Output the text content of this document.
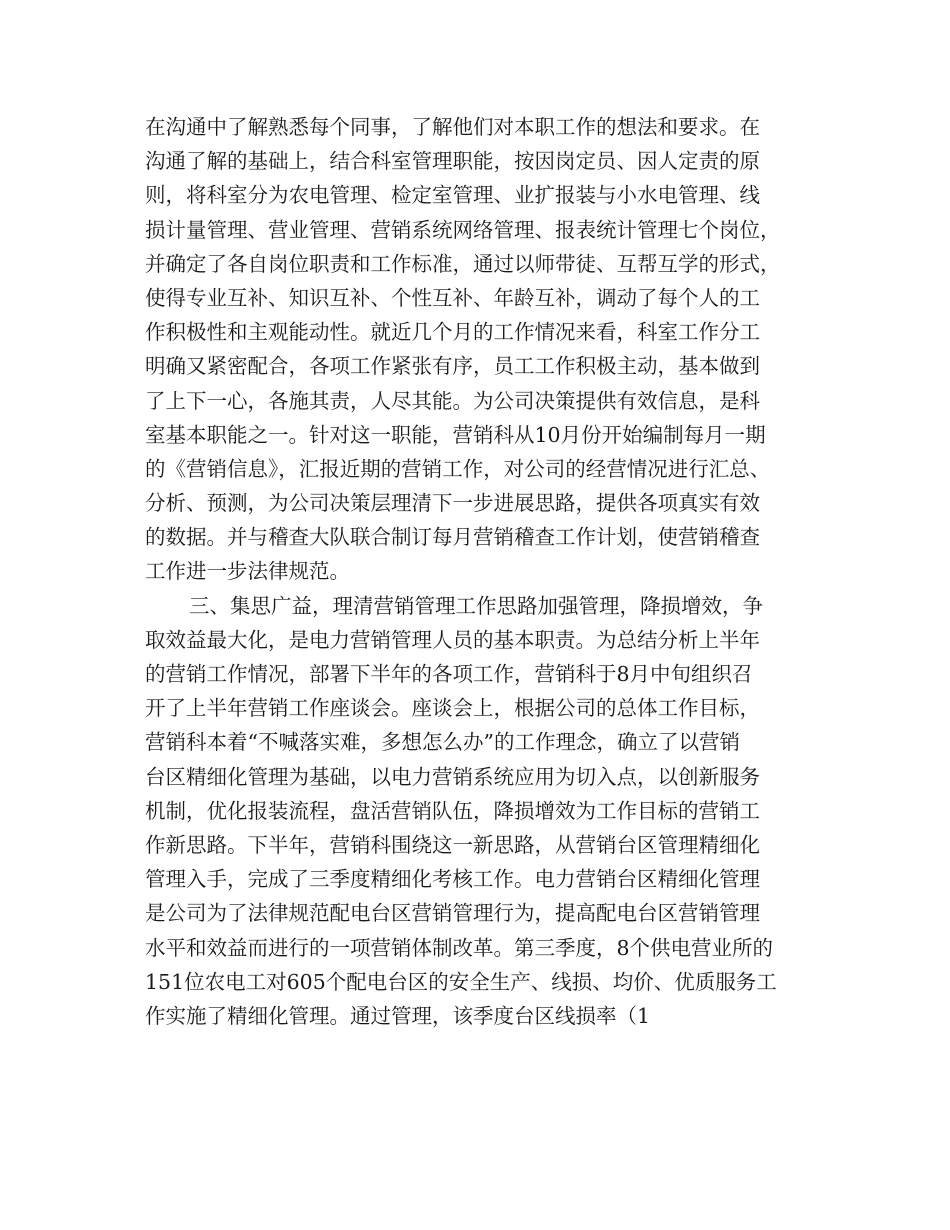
在沟通中了解熟悉每个同事，了解他们对本职工作的想法和要求。在
沟通了解的基础上，结合科室管理职能，按因岗定员、因人定责的原
则，将科室分为农电管理、检定室管理、业扩报装与小水电管理、线
损计量管理、营业管理、营销系统网络管理、报表统计管理七个岗位，
并确定了各自岗位职责和工作标准，通过以师带徒、互帮互学的形式，
使得专业互补、知识互补、个性互补、年龄互补，调动了每个人的工
作积极性和主观能动性。就近几个月的工作情况来看，科室工作分工
明确又紧密配合，各项工作紧张有序，员工工作积极主动，基本做到
了上下一心，各施其责，人尽其能。为公司决策提供有效信息，是科
室基本职能之一。针对这一职能，营销科从10月份开始编制每月一期
的《营销信息》，汇报近期的营销工作，对公司的经营情况进行汇总、
分析、预测，为公司决策层理清下一步进展思路，提供各项真实有效
的数据。并与稽查大队联合制订每月营销稽查工作计划，使营销稽查
工作进一步法律规范。
三、集思广益，理清营销管理工作思路加强管理，降损增效，争
取效益最大化，是电力营销管理人员的基本职责。为总结分析上半年
的营销工作情况，部署下半年的各项工作，营销科于8月中旬组织召
开了上半年营销工作座谈会。座谈会上，根据公司的总体工作目标，
营销科本着“不喊落实难，多想怎么办”的工作理念，确立了以营销
台区精细化管理为基础，以电力营销系统应用为切入点，以创新服务
机制，优化报装流程，盘活营销队伍，降损增效为工作目标的营销工
作新思路。下半年，营销科围绕这一新思路，从营销台区管理精细化
管理入手，完成了三季度精细化考核工作。电力营销台区精细化管理
是公司为了法律规范配电台区营销管理行为，提高配电台区营销管理
水平和效益而进行的一项营销体制改革。第三季度，8个供电营业所的
151位农电工对605个配电台区的安全生产、线损、均价、优质服务工
作实施了精细化管理。通过管理，该季度台区线损率（1
